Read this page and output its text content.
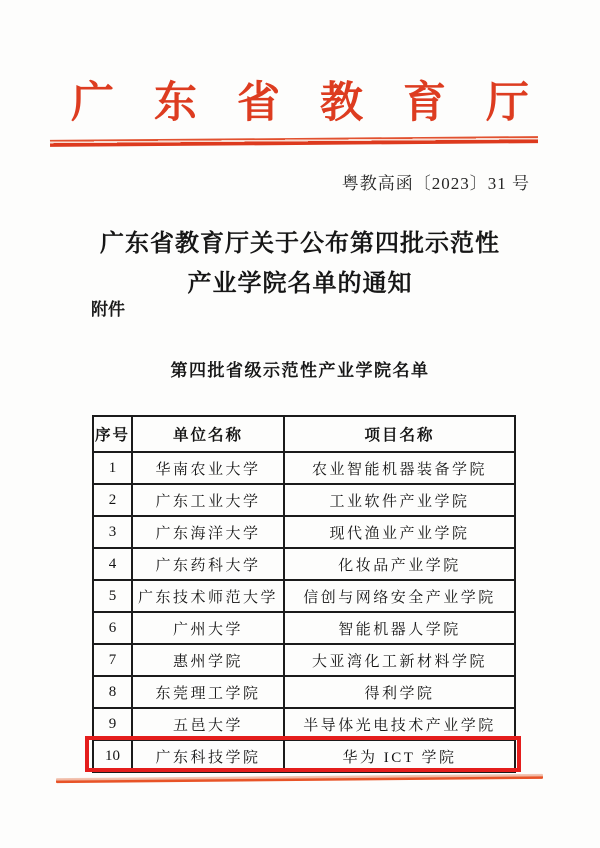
广东省教育厅
粤教高函〔2023〕31 号
广东省教育厅关于公布第四批示范性
产业学院名单的通知
附件
第四批省级示范性产业学院名单
序号	单位名称	项目名称
1	华南农业大学	农业智能机器装备学院
2	广东工业大学	工业软件产业学院
3	广东海洋大学	现代渔业产业学院
4	广东药科大学	化妆品产业学院
5	广东技术师范大学	信创与网络安全产业学院
6	广州大学	智能机器人学院
7	惠州学院	大亚湾化工新材料学院
8	东莞理工学院	得利学院
9	五邑大学	半导体光电技术产业学院
10	广东科技学院	华为 ICT 学院
